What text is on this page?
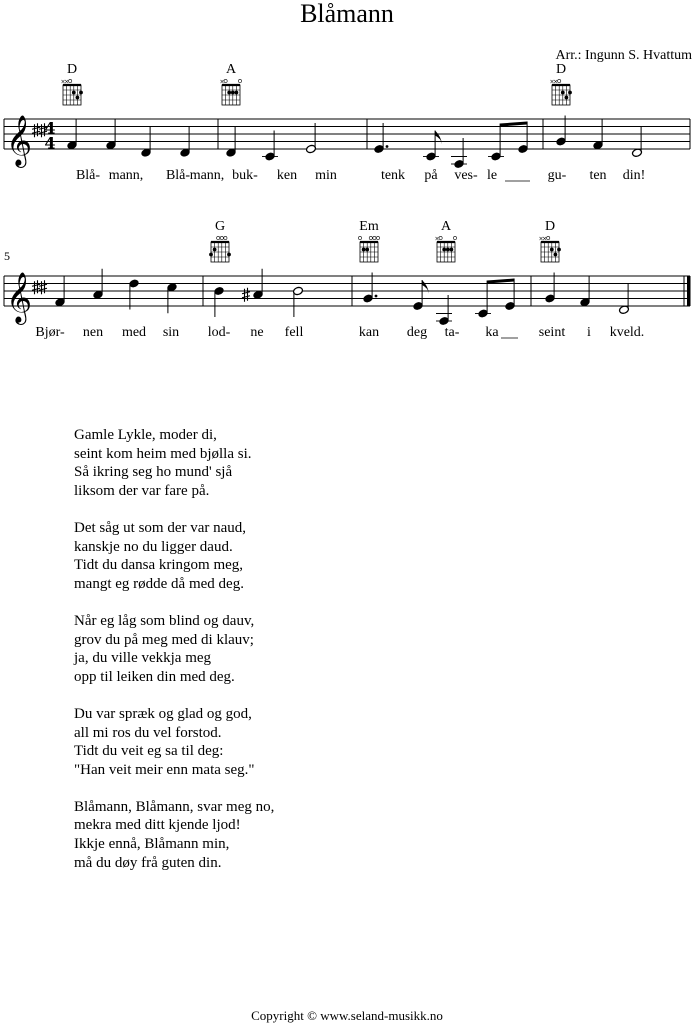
Blåmann
Arr.: Ingunn S. Hvattum
𝄞 4
4
Blå- mann, Blå- mann, buk- ken min	tenk på ves- le	gu- ten din!
D
×
×
A
×
D
×
×
5
𝄞
Bjør- nen med sin lod- ne fell	kan deg ta- ka	seint i kveld.
G	Em	A
×
D
×
×
Gamle Lykle, moder di,
seint kom heim med bjølla si.
Så ikring seg ho mund' sjå
liksom der var fare på.
Det såg ut som der var naud,
kanskje no du ligger daud.
Tidt du dansa kringom meg,
mangt eg rødde då med deg.
Når eg låg som blind og dauv,
grov du på meg med di klauv;
ja, du ville vekkja meg
opp til leiken din med deg.
Du var spræk og glad og god,
all mi ros du vel forstod.
Tidt du veit eg sa til deg:
"Han veit meir enn mata seg."
Blåmann, Blåmann, svar meg no,
mekra med ditt kjende ljod!
Ikkje ennå, Blåmann min,
må du døy frå guten din.
Copyright © www.seland-musikk.no
